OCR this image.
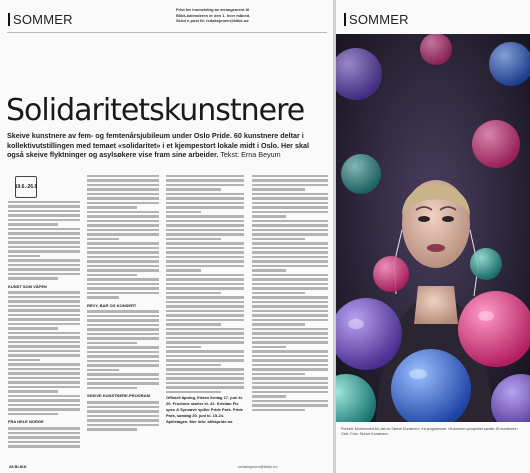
SOMMER
Frist for innmelding av arrangement til
Blikk-kalenderen er den 1. hver måned.
Send e-post til: redaksjonen@blikk.no	SOMMER
Solidaritetskunstnere
Skeive kunstnere av fem- og femtenårsjubileum under Oslo Pride. 60 kunstnere deltar i kollektivutstillingen med temaet «solidaritet» i et kjempestort lokale midt i Oslo. Her skal også skeive flyktninger og asylsøkere vise fram sine arbeider. Tekst: Erna Beyum
KUNST SOM VÅPEN
FRA HELE NORGE
19.6.-26.6
REVY, BAR OG KONSERT
SKEIVE KUNSTNERE-PROGRAM	Offisiell åpning, Eisten fredag 17. juni kl. 20. Fruxtone starter kl. 22. Kristian Fis spes & Synnøve spiller Pride Park. Pride Park, søndag 20. juni kl. 15-24. Spilletagen. Mer info: blikkpride.no
28 BLIKK	redaksjonen@blikk.no
Portrett: Mohammed Ali, tatt av Skeive Kunstnere, fra programmet. «Kolonien»-prosjektet samler 60 kunstnere i Oslo. Foto: Skeive Kunstnere.
